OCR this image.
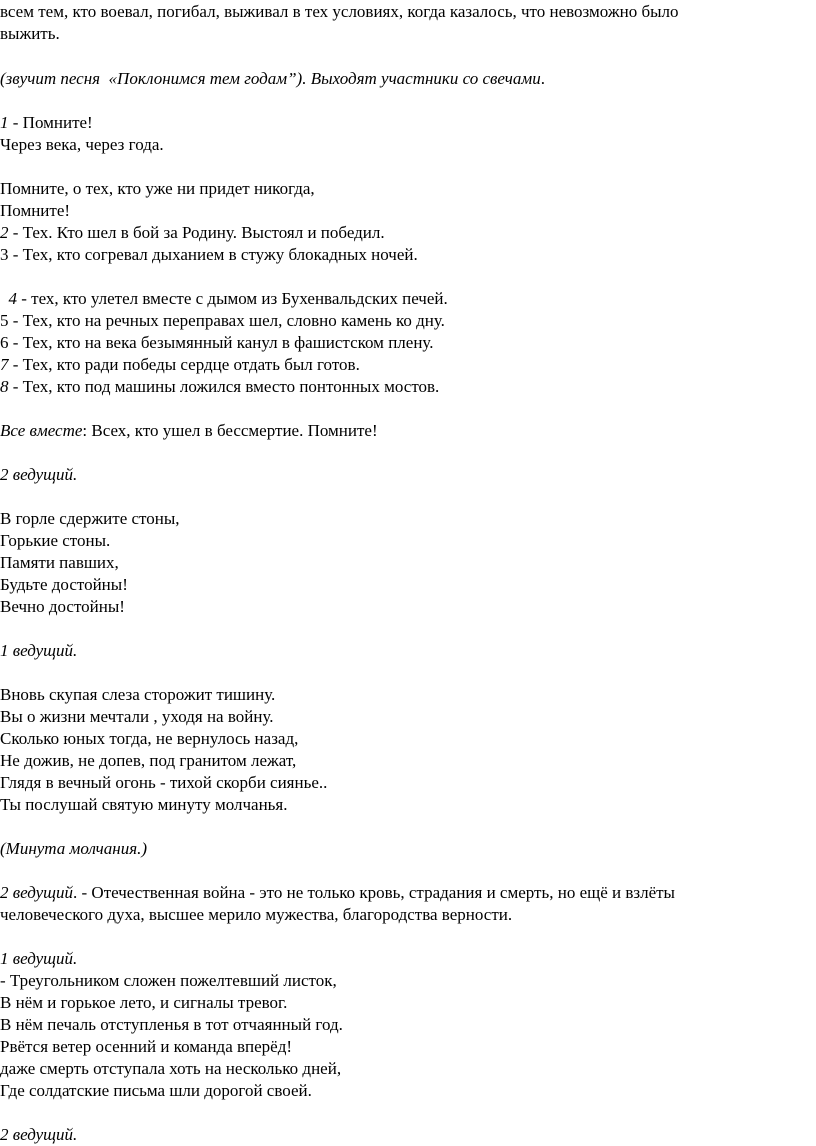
всем тем, кто воевал, погибал, выживал в тех условиях, когда казалось, что невозможно было
выжить.
(звучит песня  «Поклонимся тем годам”). Выходят участники со свечами.
1 - Помните!
Через века, через года.
Помните, о тех, кто уже ни придет никогда,
Помните!
2 - Тех. Кто шел в бой за Родину. Выстоял и победил.
3 - Тех, кто согревал дыханием в стужу блокадных ночей.
4 - тех, кто улетел вместе с дымом из Бухенвальдских печей.
5 - Тех, кто на речных переправах шел, словно камень ко дну.
6 - Тех, кто на века безымянный канул в фашистском плену.
7 - Тех, кто ради победы сердце отдать был готов.
8 - Тех, кто под машины ложился вместо понтонных мостов.
Все вместе: Всех, кто ушел в бессмертие. Помните!
2 ведущий.
В горле сдержите стоны,
Горькие стоны.
Памяти павших,
Будьте достойны!
Вечно достойны!
1 ведущий.
Вновь скупая слеза сторожит тишину.
Вы о жизни мечтали , уходя на войну.
Сколько юных тогда, не вернулось назад,
Не дожив, не допев, под гранитом лежат,
Глядя в вечный огонь - тихой скорби сиянье..
Ты послушай святую минуту молчанья.
(Минута молчания.)
2 ведущий. - Отечественная война - это не только кровь, страдания и смерть, но ещё и взлёты
человеческого духа, высшее мерило мужества, благородства верности.
1 ведущий.
- Треугольником сложен пожелтевший листок,
В нём и горькое лето, и сигналы тревог.
В нём печаль отступленья в тот отчаянный год.
Рвётся ветер осенний и команда вперёд!
даже смерть отступала хоть на несколько дней,
Где солдатские письма шли дорогой своей.
2 ведущий.
